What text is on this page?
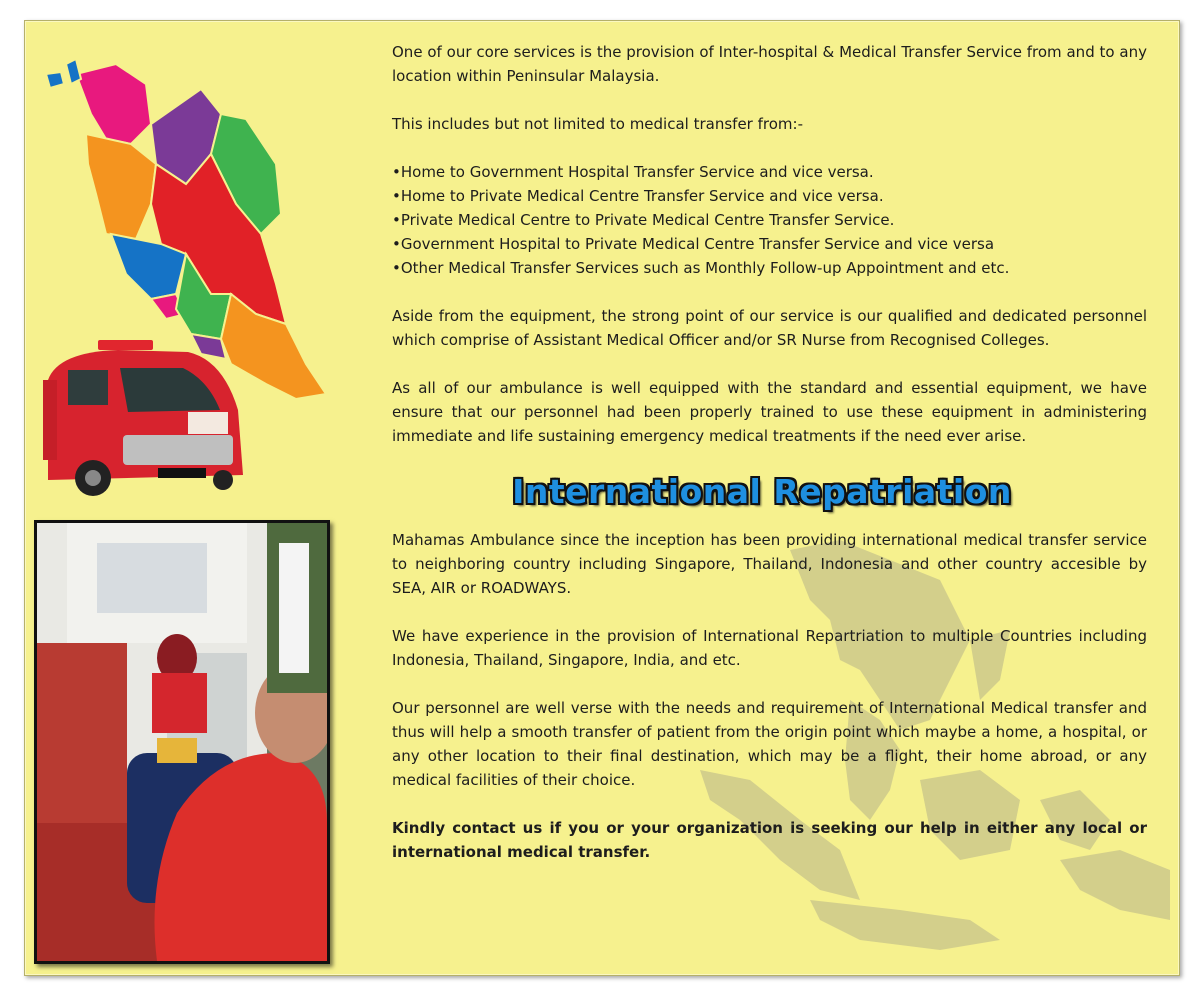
One of our core services is the provision of Inter-hospital & Medical Transfer Service from and to any location within Peninsular Malaysia.

This includes but not limited to medical transfer from:-

• Home to Government Hospital Transfer Service and vice versa.
• Home to Private Medical Centre Transfer Service and vice versa.
• Private Medical Centre to Private Medical Centre Transfer Service.
• Government Hospital to Private Medical Centre Transfer Service and vice versa
• Other Medical Transfer Services such as Monthly Follow-up Appointment and etc.

Aside from the equipment, the strong point of our service is our qualified and dedicated personnel which comprise of Assistant Medical Officer and/or SR Nurse from Recognised Colleges.

As all of our ambulance is well equipped with the standard and essential equipment, we have ensure that our personnel had been properly trained to use these equipment in administering immediate and life sustaining emergency medical treatments if the need ever arise.

International Repatriation

Mahamas Ambulance since the inception has been providing international medical transfer service to neighboring country including Singapore, Thailand, Indonesia and other country accesible by SEA, AIR or ROADWAYS.

We have experience in the provision of International Repartriation to multiple Countries including Indonesia, Thailand, Singapore, India, and etc.

Our personnel are well verse with the needs and requirement of International Medical transfer and thus will help a smooth transfer of patient from the origin point which maybe a home, a hospital, or any other location to their final destination, which may be a flight, their home abroad, or any medical facilities of their choice.

Kindly contact us if you or your organization is seeking our help in either any local or international medical transfer.
